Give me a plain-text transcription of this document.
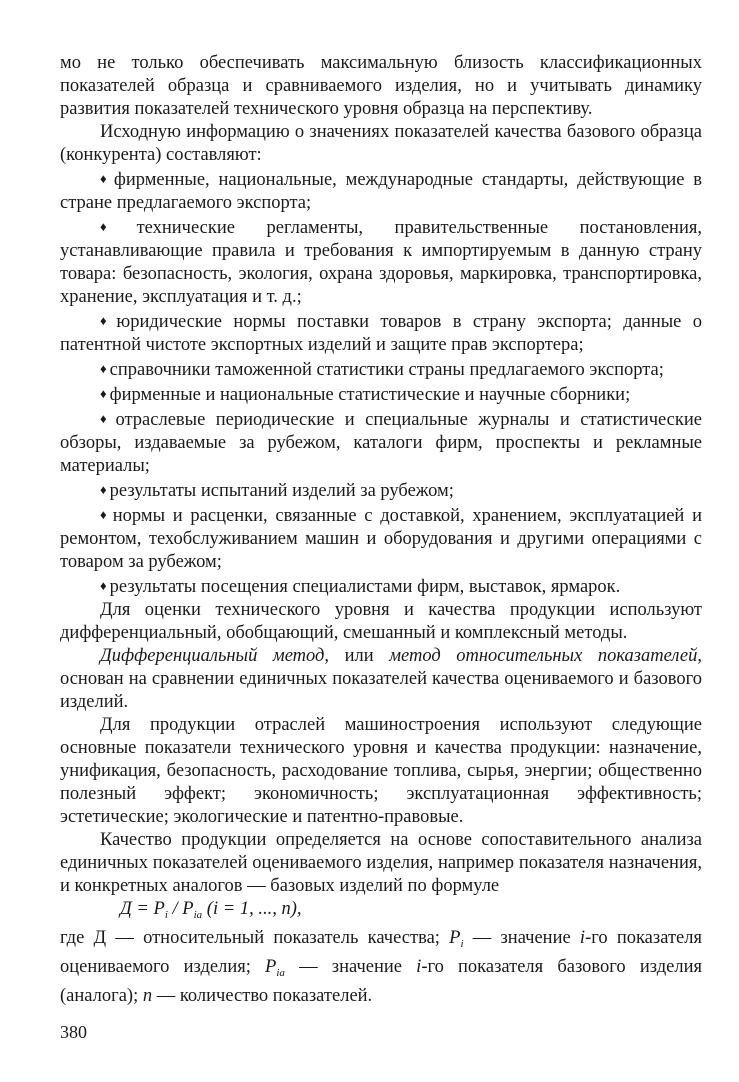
мо не только обеспечивать максимальную близость классификационных показателей образца и сравниваемого изделия, но и учитывать динамику развития показателей технического уровня образца на перспективу.

Исходную информацию о значениях показателей качества базового образца (конкурента) составляют:

♦ фирменные, национальные, международные стандарты, действующие в стране предлагаемого экспорта;

♦ технические регламенты, правительственные постановления, устанавливающие правила и требования к импортируемым в данную страну товара: безопасность, экология, охрана здоровья, маркировка, транспортировка, хранение, эксплуатация и т. д.;

♦ юридические нормы поставки товаров в страну экспорта; данные о патентной чистоте экспортных изделий и защите прав экспортера;

♦ справочники таможенной статистики страны предлагаемого экспорта;

♦ фирменные и национальные статистические и научные сборники;

♦ отраслевые периодические и специальные журналы и статистические обзоры, издаваемые за рубежом, каталоги фирм, проспекты и рекламные материалы;

♦ результаты испытаний изделий за рубежом;

♦ нормы и расценки, связанные с доставкой, хранением, эксплуатацией и ремонтом, техобслуживанием машин и оборудования и другими операциями с товаром за рубежом;

♦ результаты посещения специалистами фирм, выставок, ярмарок.

Для оценки технического уровня и качества продукции используют дифференциальный, обобщающий, смешанный и комплексный методы.

Дифференциальный метод, или метод относительных показателей, основан на сравнении единичных показателей качества оцениваемого и базового изделий.

Для продукции отраслей машиностроения используют следующие основные показатели технического уровня и качества продукции: назначение, унификация, безопасность, расходование топлива, сырья, энергии; общественно полезный эффект; экономичность; эксплуатационная эффективность; эстетические; экологические и патентно-правовые.

Качество продукции определяется на основе сопоставительного анализа единичных показателей оцениваемого изделия, например показателя назначения, и конкретных аналогов — базовых изделий по формуле

$Д = P_i / P_{ia}$ (i = 1, ..., n),

где Д — относительный показатель качества; $P_i$ — значение i-го показателя оцениваемого изделия; $P_{ia}$ — значение i-го показателя базового изделия (аналога); n — количество показателей.

380
